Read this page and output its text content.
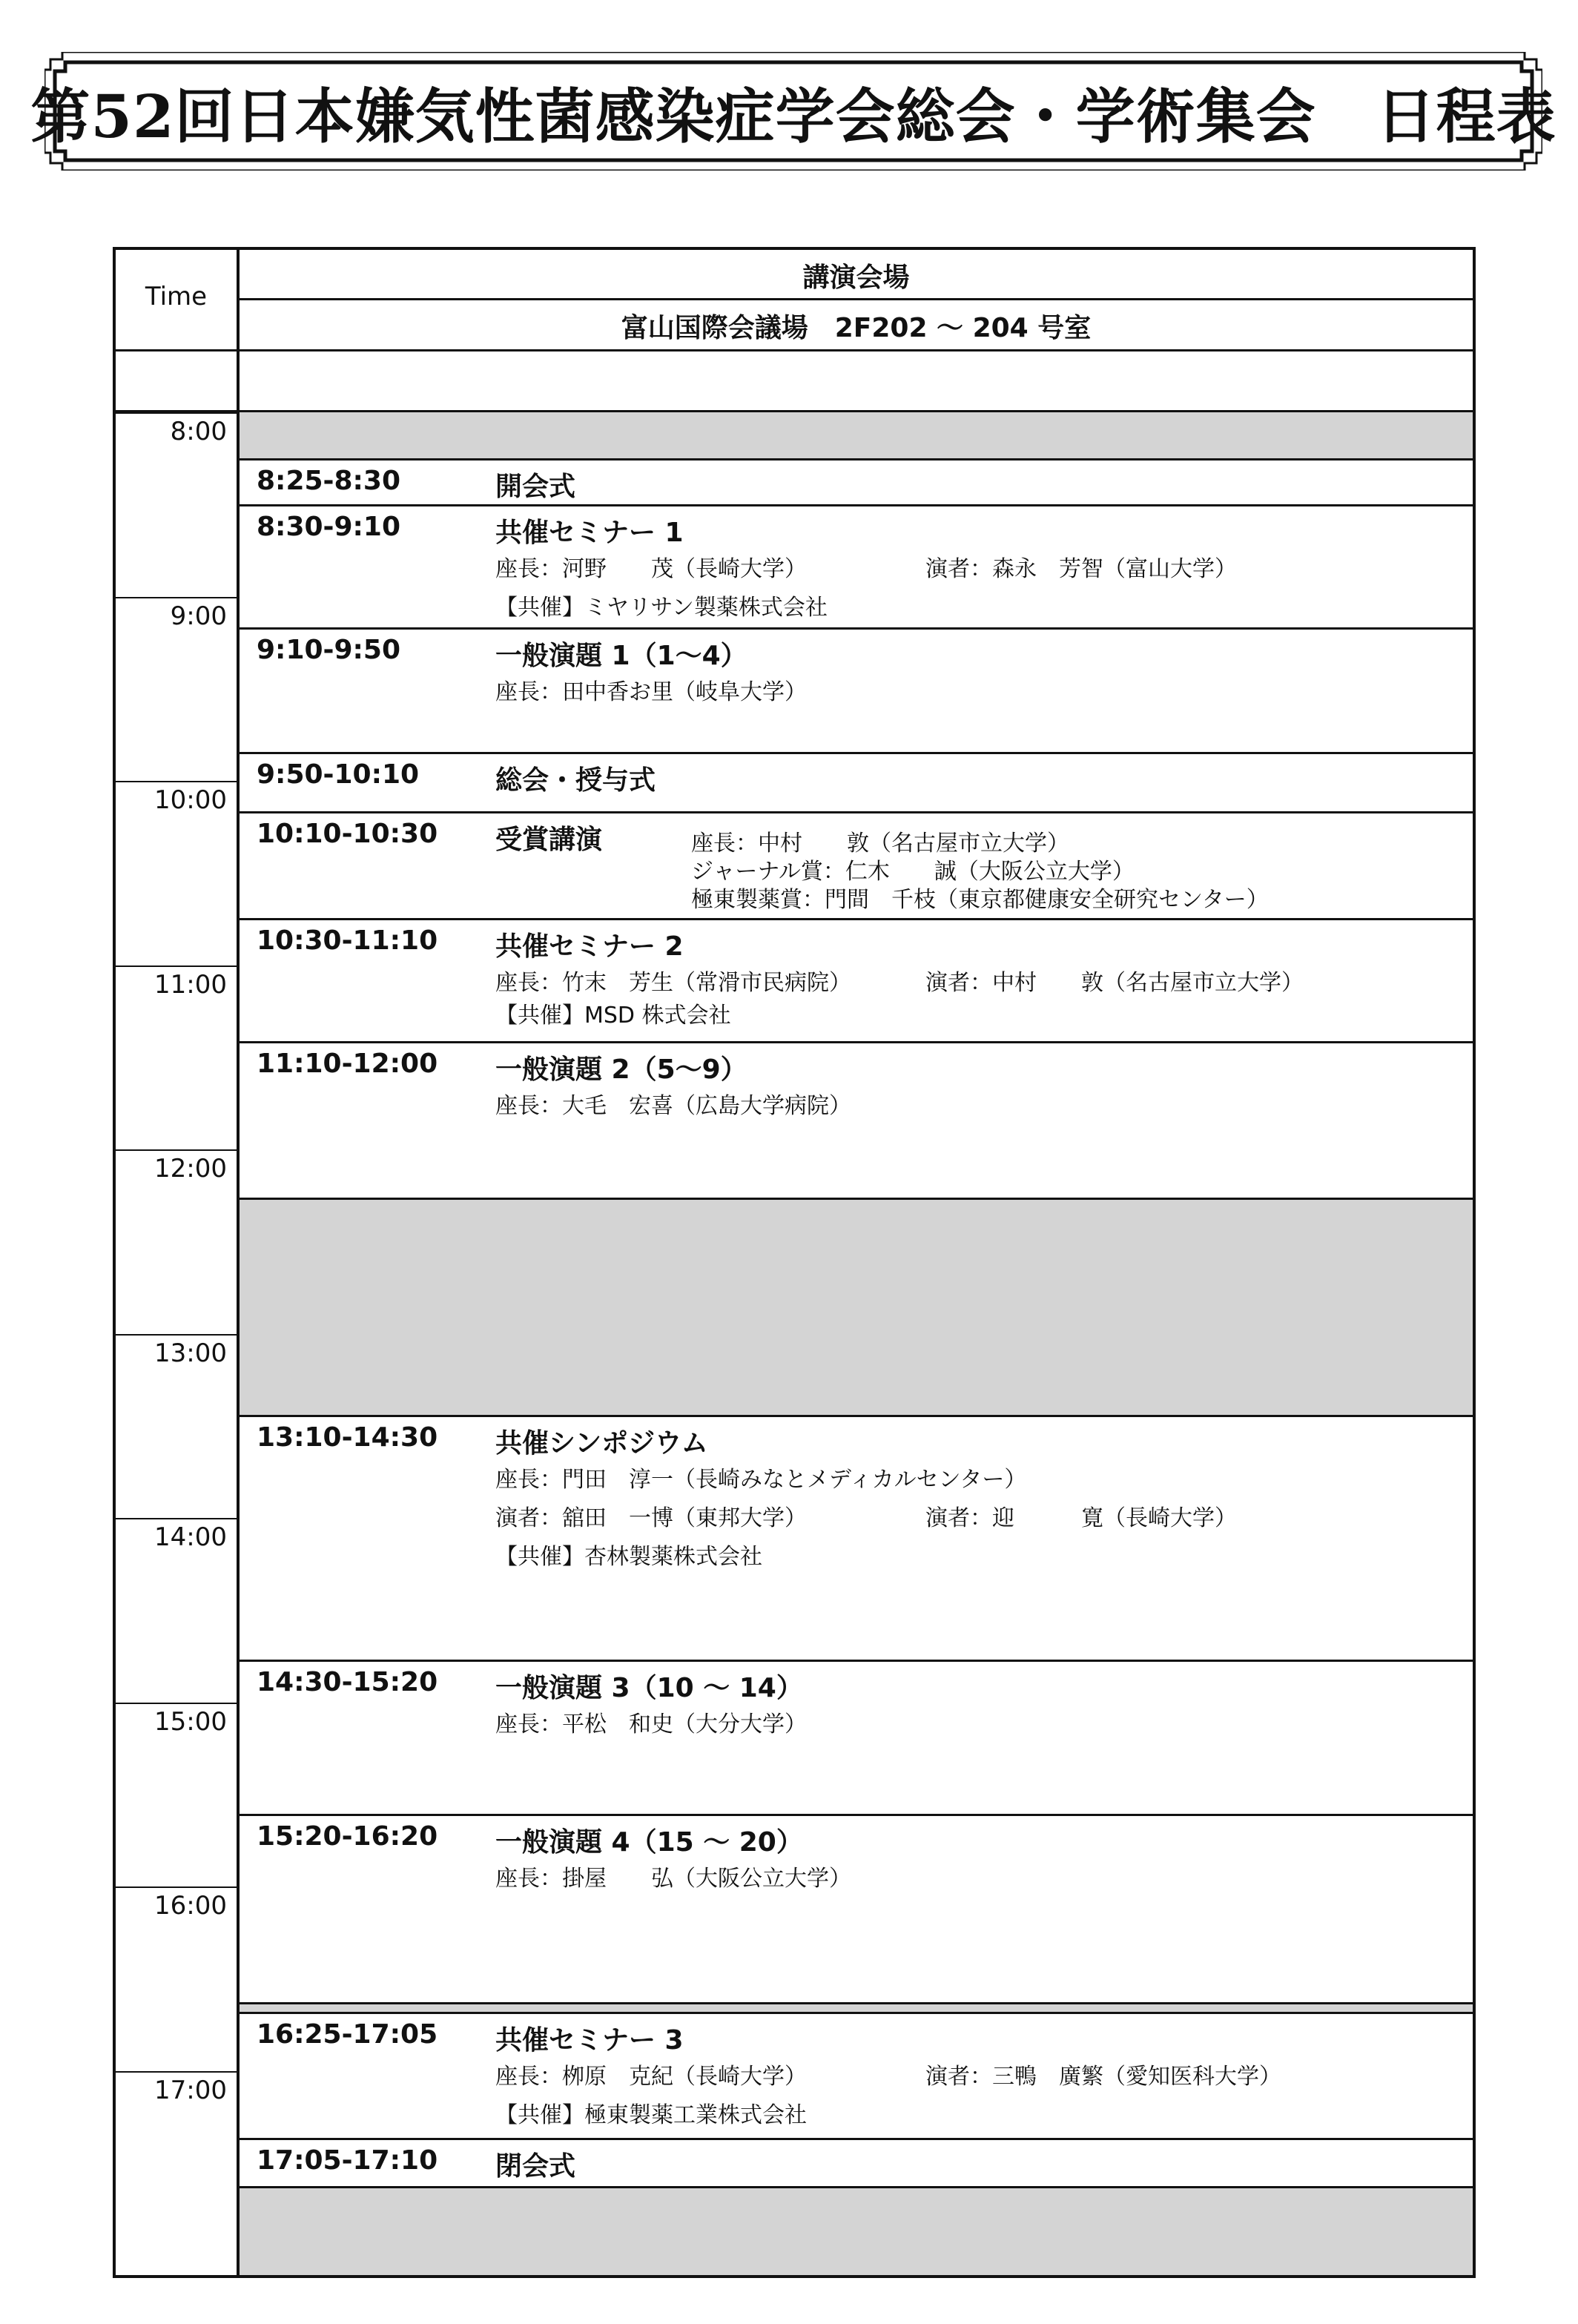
第52回日本嫌気性菌感染症学会総会・学術集会　日程表
Time
講演会場
富山国際会議場　2F202 ～ 204 号室
8:00
9:00
10:00
11:00
12:00
13:00
14:00
15:00
16:00
17:00
8:25-8:30	開会式
8:30-9:10	共催セミナー 1
座長：河野　　茂（長崎大学）	演者：森永　芳智（富山大学）
【共催】ミヤリサン製薬株式会社
9:10-9:50	一般演題 1（1～4）
座長：田中香お里（岐阜大学）
9:50-10:10	総会・授与式
10:10-10:30 受賞講演	座長：中村　　敦（名古屋市立大学）
ジャーナル賞：仁木　　誠（大阪公立大学）
極東製薬賞：門間　千枝（東京都健康安全研究センター）
10:30-11:10 共催セミナー 2
座長：竹末　芳生（常滑市民病院）	演者：中村　　敦（名古屋市立大学）
【共催】MSD 株式会社
11:10-12:00 一般演題 2（5～9）
座長：大毛　宏喜（広島大学病院）
13:10-14:30 共催シンポジウム
座長：門田　淳一（長崎みなとメディカルセンター）
演者：舘田　一博（東邦大学）	演者：迎　　　寛（長崎大学）
【共催】杏林製薬株式会社
14:30-15:20 一般演題 3（10 ～ 14）
座長：平松　和史（大分大学）
15:20-16:20 一般演題 4（15 ～ 20）
座長：掛屋　　弘（大阪公立大学）
16:25-17:05 共催セミナー 3
座長：栁原　克紀（長崎大学）	演者：三鴨　廣繁（愛知医科大学）
【共催】極東製薬工業株式会社
17:05-17:10 閉会式
